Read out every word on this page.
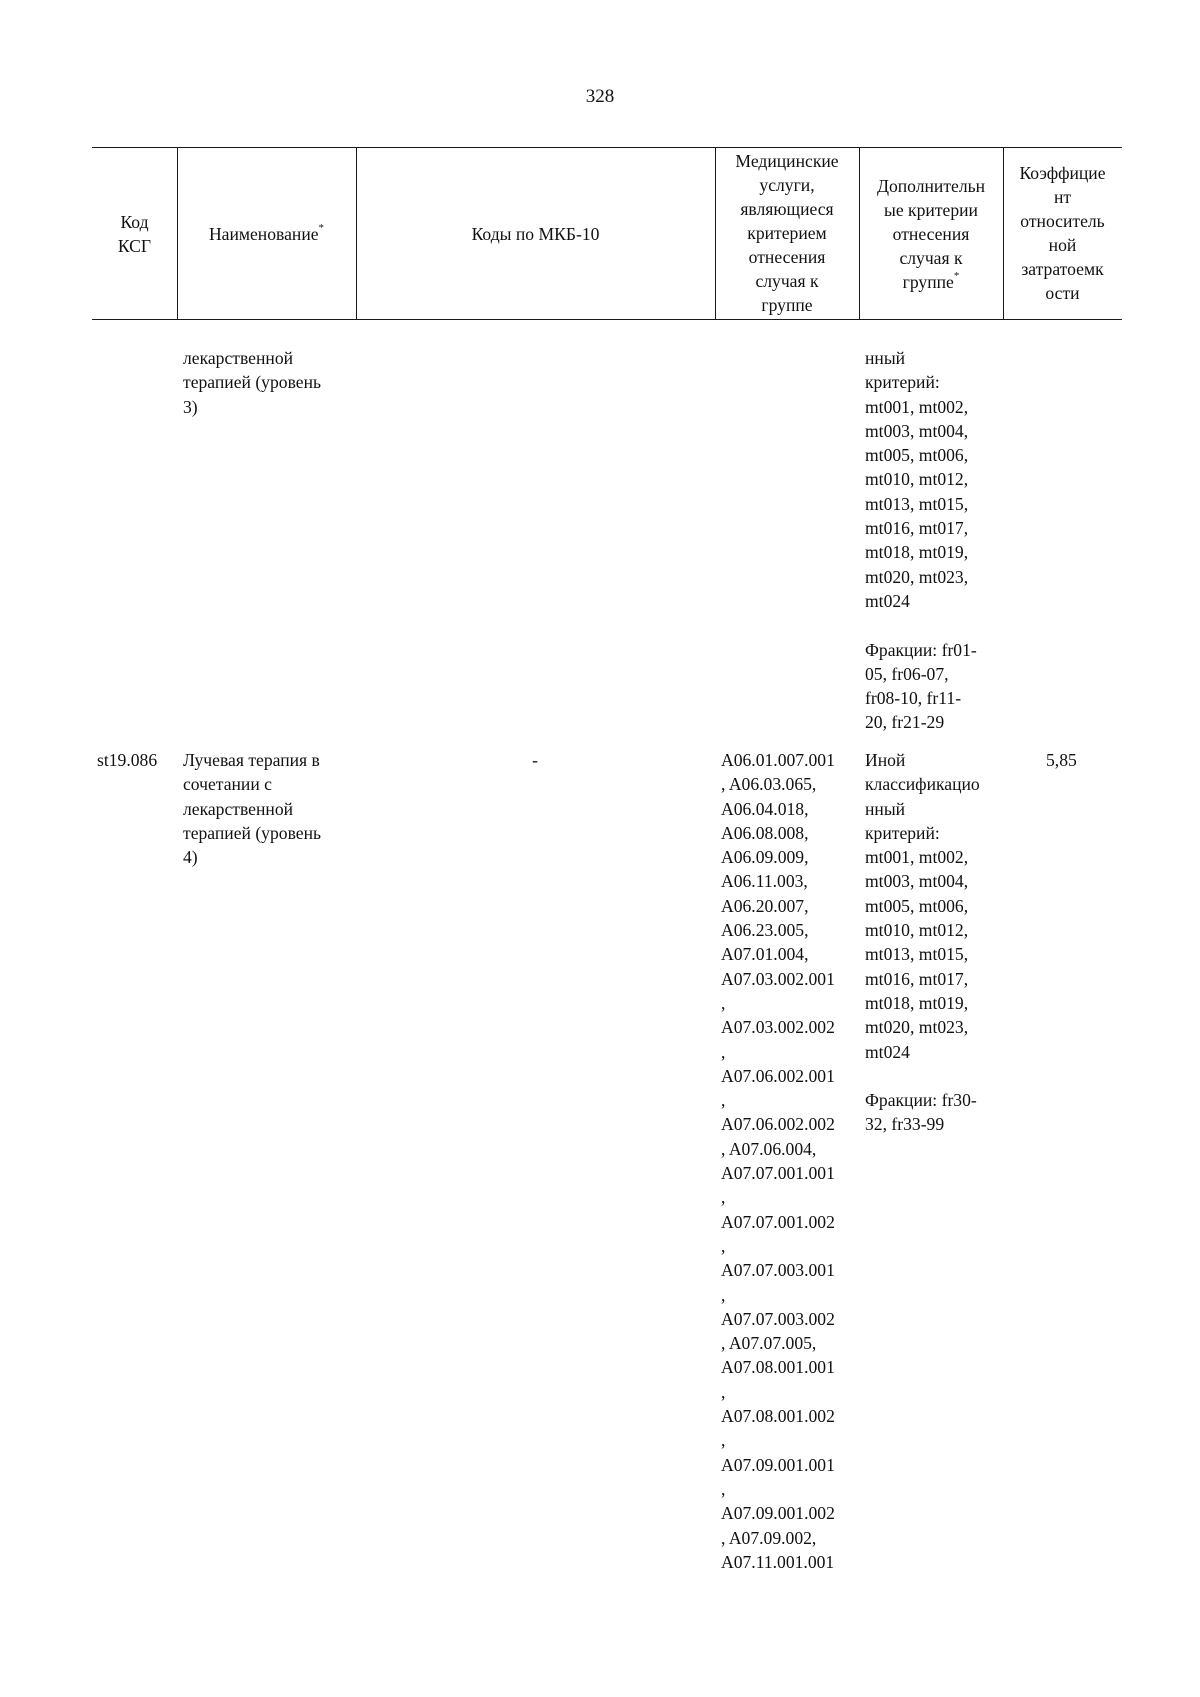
328
Код
КСГ
Наименование*	Коды по МКБ-10
Медицинские
услуги,
являющиеся
критерием
отнесения
случая к
группе
Дополнительн
ые критерии
отнесения
случая к
группе*
Коэффицие
нт
относитель
ной
затратоемк
ости
лекарственной
терапией (уровень
3)
нный
критерий:
mt001, mt002,
mt003, mt004,
mt005, mt006,
mt010, mt012,
mt013, mt015,
mt016, mt017,
mt018, mt019,
mt020, mt023,
mt024

Фракции: fr01-
05, fr06-07,
fr08-10, fr11-
20, fr21-29
st19.086 Лучевая терапия в
сочетании с
лекарственной
терапией (уровень
4)
-	A06.01.007.001
, A06.03.065,
A06.04.018,
A06.08.008,
A06.09.009,
A06.11.003,
A06.20.007,
A06.23.005,
A07.01.004,
A07.03.002.001
,
A07.03.002.002
,
A07.06.002.001
,
A07.06.002.002
, A07.06.004,
A07.07.001.001
,
A07.07.001.002
,
A07.07.003.001
,
A07.07.003.002
, A07.07.005,
A07.08.001.001
,
A07.08.001.002
,
A07.09.001.001
,
A07.09.001.002
, A07.09.002,
A07.11.001.001
Иной
классификацио
нный
критерий:
mt001, mt002,
mt003, mt004,
mt005, mt006,
mt010, mt012,
mt013, mt015,
mt016, mt017,
mt018, mt019,
mt020, mt023,
mt024

Фракции: fr30-
32, fr33-99
5,85
